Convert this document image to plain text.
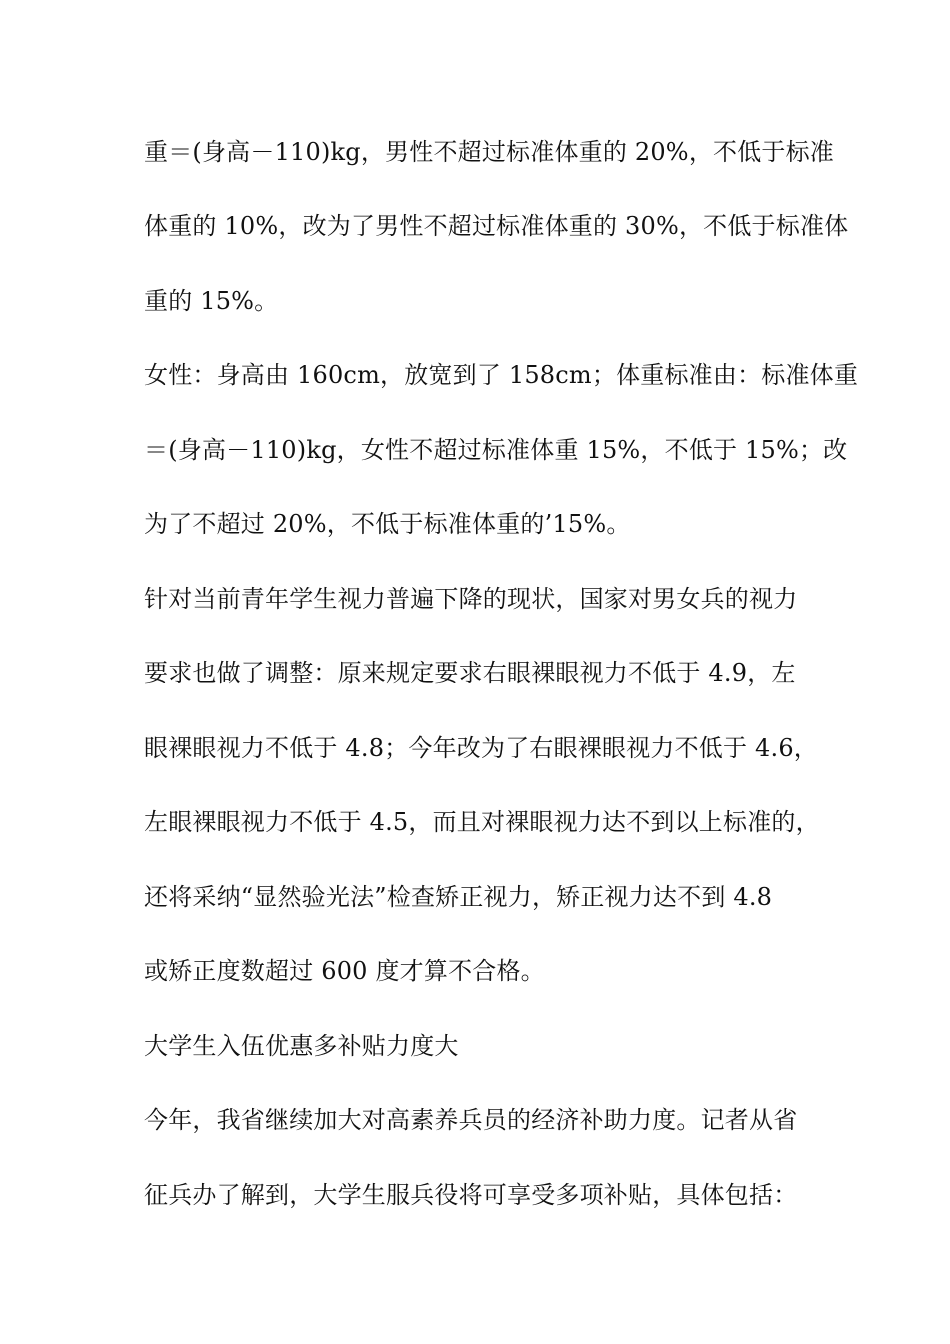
重＝(身高－110)kg，男性不超过标准体重的 20%，不低于标准
体重的 10%，改为了男性不超过标准体重的 30%，不低于标准体
重的 15%。
女性：身高由 160cm，放宽到了 158cm；体重标准由：标准体重
＝(身高－110)kg，女性不超过标准体重 15%，不低于 15%；改
为了不超过 20%，不低于标准体重的’15%。
针对当前青年学生视力普遍下降的现状，国家对男女兵的视力
要求也做了调整：原来规定要求右眼裸眼视力不低于 4.9，左
眼裸眼视力不低于 4.8；今年改为了右眼裸眼视力不低于 4.6，
左眼裸眼视力不低于 4.5，而且对裸眼视力达不到以上标准的，
还将采纳“显然验光法”检查矫正视力，矫正视力达不到 4.8
或矫正度数超过 600 度才算不合格。
大学生入伍优惠多补贴力度大
今年，我省继续加大对高素养兵员的经济补助力度。记者从省
征兵办了解到，大学生服兵役将可享受多项补贴，具体包括：
